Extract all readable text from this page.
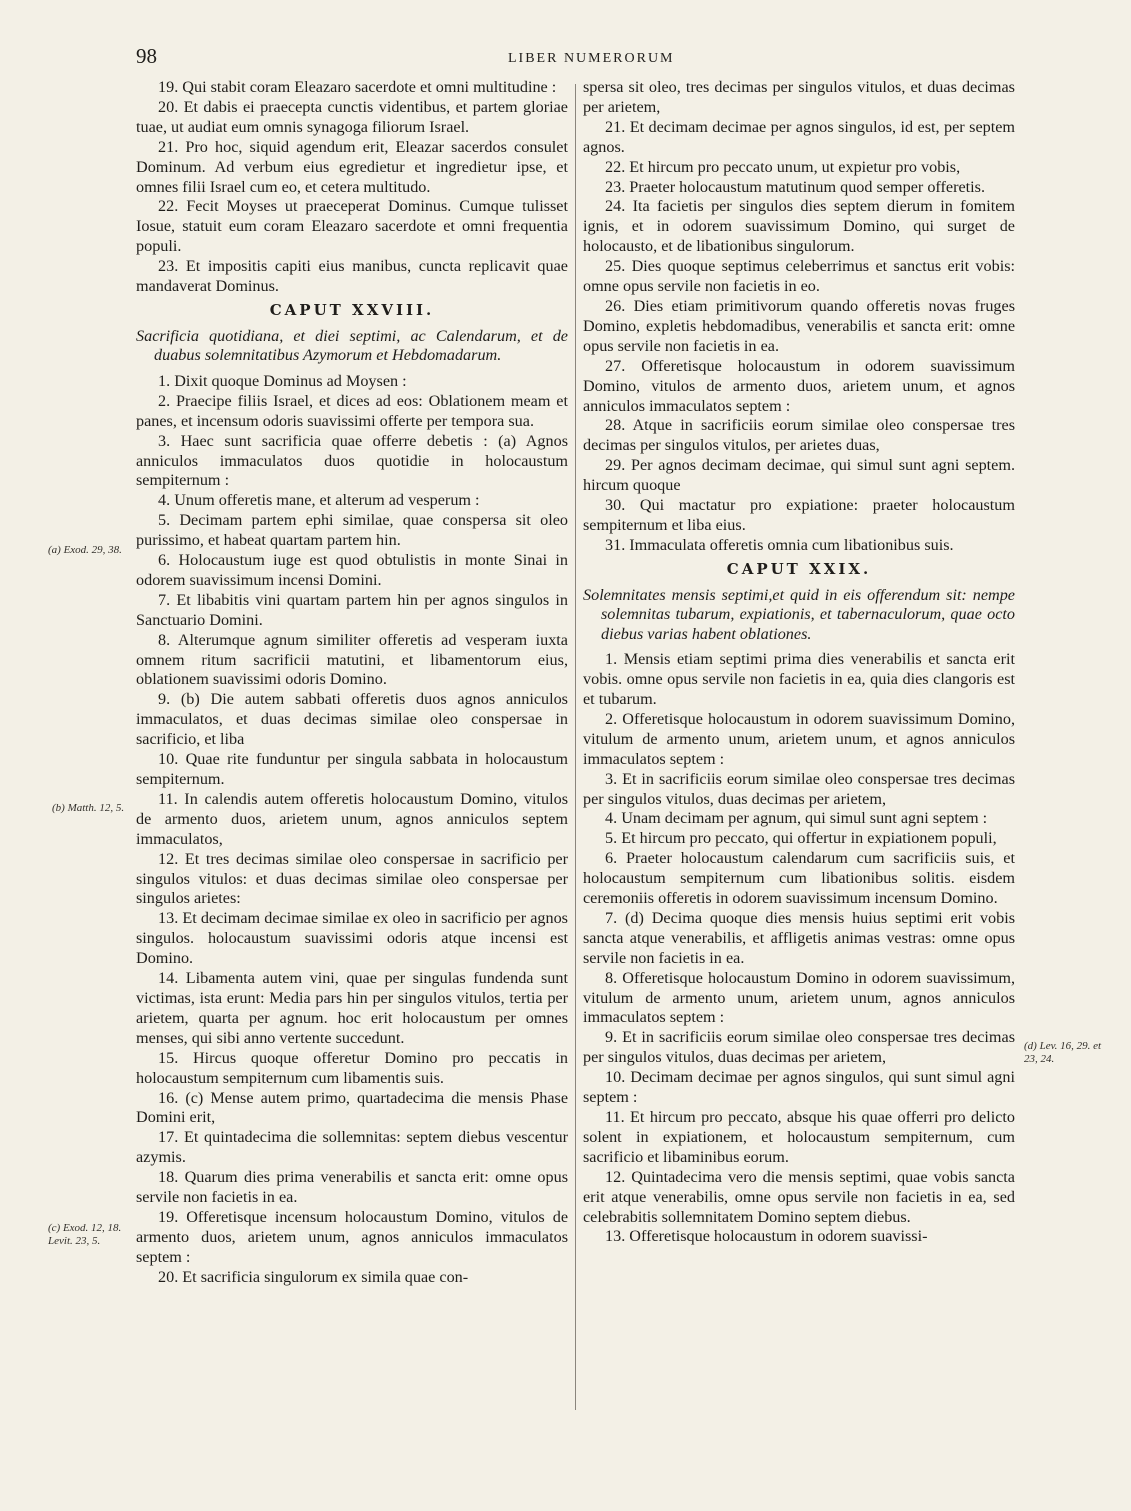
98	LIBER NUMERORUM

19. Qui stabit coram Eleazaro sacerdote et omni multitudine :

20. Et dabis ei praecepta cunctis videntibus, et partem gloriae tuae, ut audiat eum omnis synagoga filiorum Israel.

21. Pro hoc, siquid agendum erit, Eleazar sacerdos consulet Dominum. Ad verbum eius egredietur et ingredietur ipse, et omnes filii Israel cum eo, et cetera multitudo.

22. Fecit Moyses ut praeceperat Dominus. Cumque tulisset Iosue, statuit eum coram Eleazaro sacerdote et omni frequentia populi.

23. Et impositis capiti eius manibus, cuncta replicavit quae mandaverat Dominus.

CAPUT XXVIII.

Sacrificia quotidiana, et diei septimi, ac Calendarum, et de duabus solemnitatibus Azymorum et Hebdomadarum.

1. Dixit quoque Dominus ad Moysen :

2. Praecipe filiis Israel, et dices ad eos: Oblationem meam et panes, et incensum odoris suavissimi offerte per tempora sua.

3. Haec sunt sacrificia quae offerre debetis : (a) Agnos anniculos immaculatos duos quotidie in holocaustum sempiternum :

4. Unum offeretis mane, et alterum ad vesperum :

5. Decimam partem ephi similae, quae conspersa sit oleo purissimo, et habeat quartam partem hin.

6. Holocaustum iuge est quod obtulistis in monte Sinai in odorem suavissimum incensi Domini.

7. Et libabitis vini quartam partem hin per agnos singulos in Sanctuario Domini.

8. Alterumque agnum similiter offeretis ad vesperam iuxta omnem ritum sacrificii matutini, et libamentorum eius, oblationem suavissimi odoris Domino.

9. (b) Die autem sabbati offeretis duos agnos anniculos immaculatos, et duas decimas similae oleo conspersae in sacrificio, et liba

10. Quae rite funduntur per singula sabbata in holocaustum sempiternum.

11. In calendis autem offeretis holocaustum Domino, vitulos de armento duos, arietem unum, agnos anniculos septem immaculatos,

12. Et tres decimas similae oleo conspersae in sacrificio per singulos vitulos: et duas decimas similae oleo conspersae per singulos arietes:

13. Et decimam decimae similae ex oleo in sacrificio per agnos singulos. holocaustum suavissimi odoris atque incensi est Domino.

14. Libamenta autem vini, quae per singulas fundenda sunt victimas, ista erunt: Media pars hin per singulos vitulos, tertia per arietem, quarta per agnum. hoc erit holocaustum per omnes menses, qui sibi anno vertente succedunt.

15. Hircus quoque offeretur Domino pro peccatis in holocaustum sempiternum cum libamentis suis.

16. (c) Mense autem primo, quartadecima die mensis Phase Domini erit,

17. Et quintadecima die sollemnitas: septem diebus vescentur azymis.

18. Quarum dies prima venerabilis et sancta erit: omne opus servile non facietis in ea.

19. Offeretisque incensum holocaustum Domino, vitulos de armento duos, arietem unum, agnos anniculos immaculatos septem :

20. Et sacrificia singulorum ex simila quae con-

spersa sit oleo, tres decimas per singulos vitulos, et duas decimas per arietem,

21. Et decimam decimae per agnos singulos, id est, per septem agnos.

22. Et hircum pro peccato unum, ut expietur pro vobis,

23. Praeter holocaustum matutinum quod semper offeretis.

24. Ita facietis per singulos dies septem dierum in fomitem ignis, et in odorem suavissimum Domino, qui surget de holocausto, et de libationibus singulorum.

25. Dies quoque septimus celeberrimus et sanctus erit vobis: omne opus servile non facietis in eo.

26. Dies etiam primitivorum quando offeretis novas fruges Domino, expletis hebdomadibus, venerabilis et sancta erit: omne opus servile non facietis in ea.

27. Offeretisque holocaustum in odorem suavissimum Domino, vitulos de armento duos, arietem unum, et agnos anniculos immaculatos septem :

28. Atque in sacrificiis eorum similae oleo conspersae tres decimas per singulos vitulos, per arietes duas,

29. Per agnos decimam decimae, qui simul sunt agni septem. hircum quoque

30. Qui mactatur pro expiatione: praeter holocaustum sempiternum et liba eius.

31. Immaculata offeretis omnia cum libationibus suis.

CAPUT XXIX.

Solemnitates mensis septimi,et quid in eis offerendum sit: nempe solemnitas tubarum, expiationis, et tabernaculorum, quae octo diebus varias habent oblationes.

1. Mensis etiam septimi prima dies venerabilis et sancta erit vobis. omne opus servile non facietis in ea, quia dies clangoris est et tubarum.

2. Offeretisque holocaustum in odorem suavissimum Domino, vitulum de armento unum, arietem unum, et agnos anniculos immaculatos septem :

3. Et in sacrificiis eorum similae oleo conspersae tres decimas per singulos vitulos, duas decimas per arietem,

4. Unam decimam per agnum, qui simul sunt agni septem :

5. Et hircum pro peccato, qui offertur in expiationem populi,

6. Praeter holocaustum calendarum cum sacrificiis suis, et holocaustum sempiternum cum libationibus solitis. eisdem ceremoniis offeretis in odorem suavissimum incensum Domino.

7. (d) Decima quoque dies mensis huius septimi erit vobis sancta atque venerabilis, et affligetis animas vestras: omne opus servile non facietis in ea.

8. Offeretisque holocaustum Domino in odorem suavissimum, vitulum de armento unum, arietem unum, agnos anniculos immaculatos septem :

9. Et in sacrificiis eorum similae oleo conspersae tres decimas per singulos vitulos, duas decimas per arietem,

10. Decimam decimae per agnos singulos, qui sunt simul agni septem :

11. Et hircum pro peccato, absque his quae offerri pro delicto solent in expiationem, et holocaustum sempiternum, cum sacrificio et libaminibus eorum.

12. Quintadecima vero die mensis septimi, quae vobis sancta erit atque venerabilis, omne opus servile non facietis in ea, sed celebrabitis sollemnitatem Domino septem diebus.

13. Offeretisque holocaustum in odorem suavissi-

(a) Exod. 29, 38.
(b) Matth. 12, 5.
(c) Exod. 12, 18. Levit. 23, 5.
(d) Lev. 16, 29. et 23, 24.
